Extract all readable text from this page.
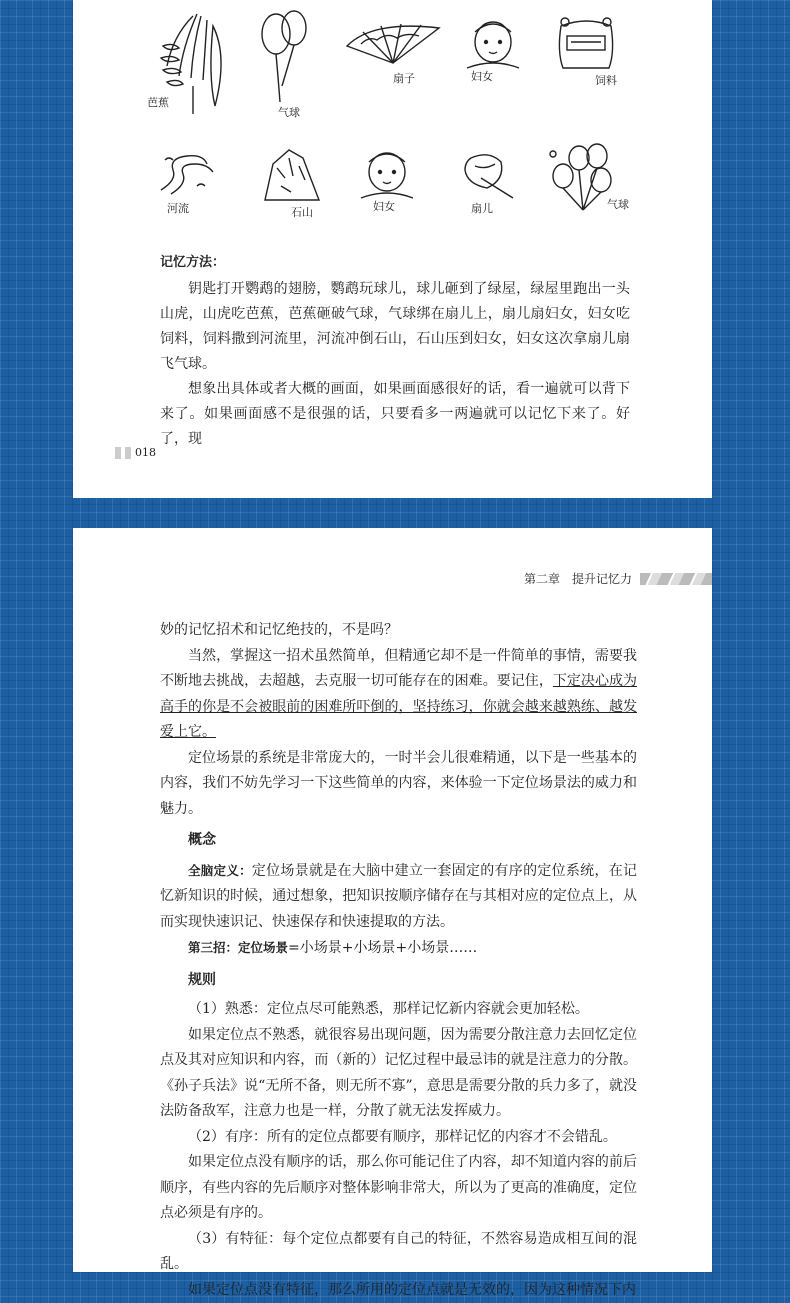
芭蕉
气球
扇子	妇女	饲料
河流	石山	妇女	扇儿	气球
记忆方法：

钥匙打开鹦鹉的翅膀，鹦鹉玩球儿，球儿砸到了绿屋，绿屋里跑出一头山虎，山虎吃芭蕉，芭蕉砸破气球，气球绑在扇儿上，扇儿扇妇女，妇女吃饲料，饲料撒到河流里，河流冲倒石山，石山压到妇女，妇女这次拿扇儿扇飞气球。

想象出具体或者大概的画面，如果画面感很好的话，看一遍就可以背下来了。如果画面感不是很强的话，只要看多一两遍就可以记忆下来了。好了，现

018
第二章　提升记忆力

妙的记忆招术和记忆绝技的，不是吗？

当然，掌握这一招术虽然简单，但精通它却不是一件简单的事情，需要我不断地去挑战，去超越，去克服一切可能存在的困难。要记住，下定决心成为高手的你是不会被眼前的困难所吓倒的，坚持练习，你就会越来越熟练、越发爱上它。

定位场景的系统是非常庞大的，一时半会儿很难精通，以下是一些基本的内容，我们不妨先学习一下这些简单的内容，来体验一下定位场景法的威力和魅力。

概念

全脑定义：定位场景就是在大脑中建立一套固定的有序的定位系统，在记忆新知识的时候，通过想象，把知识按顺序储存在与其相对应的定位点上，从而实现快速识记、快速保存和快速提取的方法。

第三招：定位场景=小场景+小场景+小场景……

规则

（1）熟悉：定位点尽可能熟悉，那样记忆新内容就会更加轻松。

如果定位点不熟悉，就很容易出现问题，因为需要分散注意力去回忆定位点及其对应知识和内容，而（新的）记忆过程中最忌讳的就是注意力的分散。《孙子兵法》说“无所不备，则无所不寡”，意思是需要分散的兵力多了，就没法防备敌军，注意力也是一样，分散了就无法发挥威力。

（2）有序：所有的定位点都要有顺序，那样记忆的内容才不会错乱。

如果定位点没有顺序的话，那么你可能记住了内容，却不知道内容的前后顺序，有些内容的先后顺序对整体影响非常大，所以为了更高的准确度，定位点必须是有序的。

（3）有特征：每个定位点都要有自己的特征，不然容易造成相互间的混乱。

如果定位点没有特征，那么所用的定位点就是无效的，因为这种情况下内
